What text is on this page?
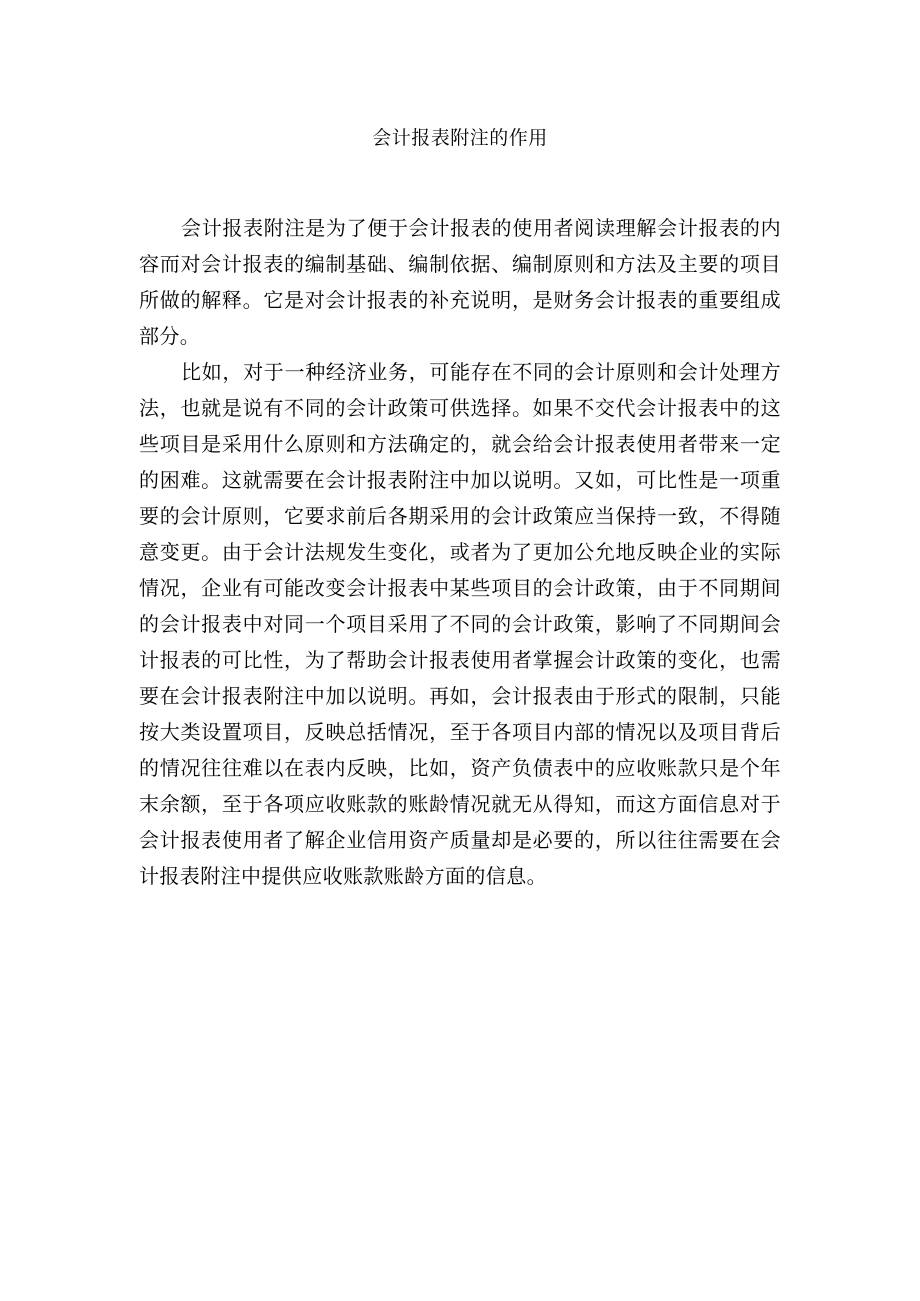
会计报表附注的作用

会计报表附注是为了便于会计报表的使用者阅读理解会计报表的内容而对会计报表的编制基础、编制依据、编制原则和方法及主要的项目所做的解释。它是对会计报表的补充说明，是财务会计报表的重要组成部分。

比如，对于一种经济业务，可能存在不同的会计原则和会计处理方法，也就是说有不同的会计政策可供选择。如果不交代会计报表中的这些项目是采用什么原则和方法确定的，就会给会计报表使用者带来一定的困难。这就需要在会计报表附注中加以说明。又如，可比性是一项重要的会计原则，它要求前后各期采用的会计政策应当保持一致，不得随意变更。由于会计法规发生变化，或者为了更加公允地反映企业的实际情况，企业有可能改变会计报表中某些项目的会计政策，由于不同期间的会计报表中对同一个项目采用了不同的会计政策，影响了不同期间会计报表的可比性，为了帮助会计报表使用者掌握会计政策的变化，也需要在会计报表附注中加以说明。再如，会计报表由于形式的限制，只能按大类设置项目，反映总括情况，至于各项目内部的情况以及项目背后的情况往往难以在表内反映，比如，资产负债表中的应收账款只是个年末余额，至于各项应收账款的账龄情况就无从得知，而这方面信息对于会计报表使用者了解企业信用资产质量却是必要的，所以往往需要在会计报表附注中提供应收账款账龄方面的信息。
